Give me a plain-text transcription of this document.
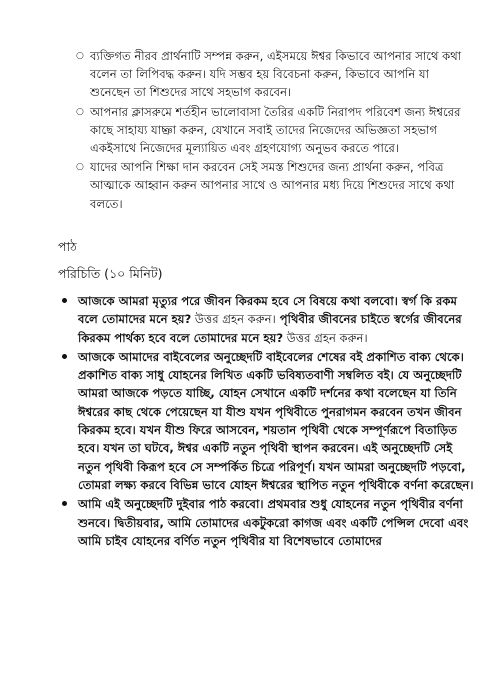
○ ব্যক্তিগত নীরব প্রার্থনাটি সম্পন্ন করুন, এইসময়ে ঈশ্বর কিভাবে আপনার সাথে কথা বলেন তা লিপিবদ্ধ করুন। যদি সম্ভব হয় বিবেচনা করুন, কিভাবে আপনি যা শুনেছেন তা শিশুদের সাথে সহভাগ করবেন।
○ আপনার ক্লাসরুমে শর্তহীন ভালোবাসা তৈরির একটি নিরাপদ পরিবেশ জন্য ঈশ্বরের কাছে সাহায্য যাচ্ঞা করুন, যেখানে সবাই তাদের নিজেদের অভিজ্ঞতা সহভাগ একইসাথে নিজেদের মূল্যায়িত এবং গ্রহণযোগ্য অনুভব করতে পারে।
○ যাদের আপনি শিক্ষা দান করবেন সেই সমস্ত শিশুদের জন্য প্রার্থনা করুন, পবিত্র আত্মাকে আহ্বান করুন আপনার সাথে ও আপনার মধ্য দিয়ে শিশুদের সাথে কথা বলতে।
পাঠ
পরিচিতি (১০ মিনিট)
আজকে আমরা মৃত্যুর পরে জীবন কিরকম হবে সে বিষয়ে কথা বলবো। স্বর্গ কি রকম বলে তোমাদের মনে হয়? উত্তর গ্রহন করুন। পৃথিবীর জীবনের চাইতে স্বর্গের জীবনের কিরকম পার্থক্য হবে বলে তোমাদের মনে হয়? উত্তর গ্রহন করুন।
আজকে আমাদের বাইবেলের অনুচ্ছেদটি বাইবেলের শেষের বই প্রকাশিত বাক্য থেকে। প্রকাশিত বাক্য সাধু যোহনের লিখিত একটি ভবিষ্যতবাণী সম্বলিত বই। যে অনুচ্ছেদটি আমরা আজকে পড়তে যাচ্ছি, যোহন সেখানে একটি দর্শনের কথা বলেছেন যা তিনি ঈশ্বরের কাছ থেকে পেয়েছেন যা যীশু যখন পৃথিবীতে পুনরাগমন করবেন তখন জীবন কিরকম হবে। যখন যীশু ফিরে আসবেন, শয়তান পৃথিবী থেকে সম্পূর্ণরূপে বিতাড়িত হবে। যখন তা ঘটবে, ঈশ্বর একটি নতুন পৃথিবী স্থাপন করবেন। এই অনুচ্ছেদটি সেই নতুন পৃথিবী কিরূপ হবে সে সম্পর্কিত চিত্রে পরিপূর্ণ। যখন আমরা অনুচ্ছেদটি পড়বো, তোমরা লক্ষ্য করবে বিভিন্ন ভাবে যোহন ঈশ্বরের স্থাপিত নতুন পৃথিবীকে বর্ণনা করেছেন।
আমি এই অনুচ্ছেদটি দুইবার পাঠ করবো। প্রথমবার শুধু যোহনের নতুন পৃথিবীর বর্ণনা শুনবে। দ্বিতীয়বার, আমি তোমাদের একটুকরো কাগজ এবং একটি পেন্সিল দেবো এবং আমি চাইব যোহনের বর্ণিত নতুন পৃথিবীর যা বিশেষভাবে তোমাদের
